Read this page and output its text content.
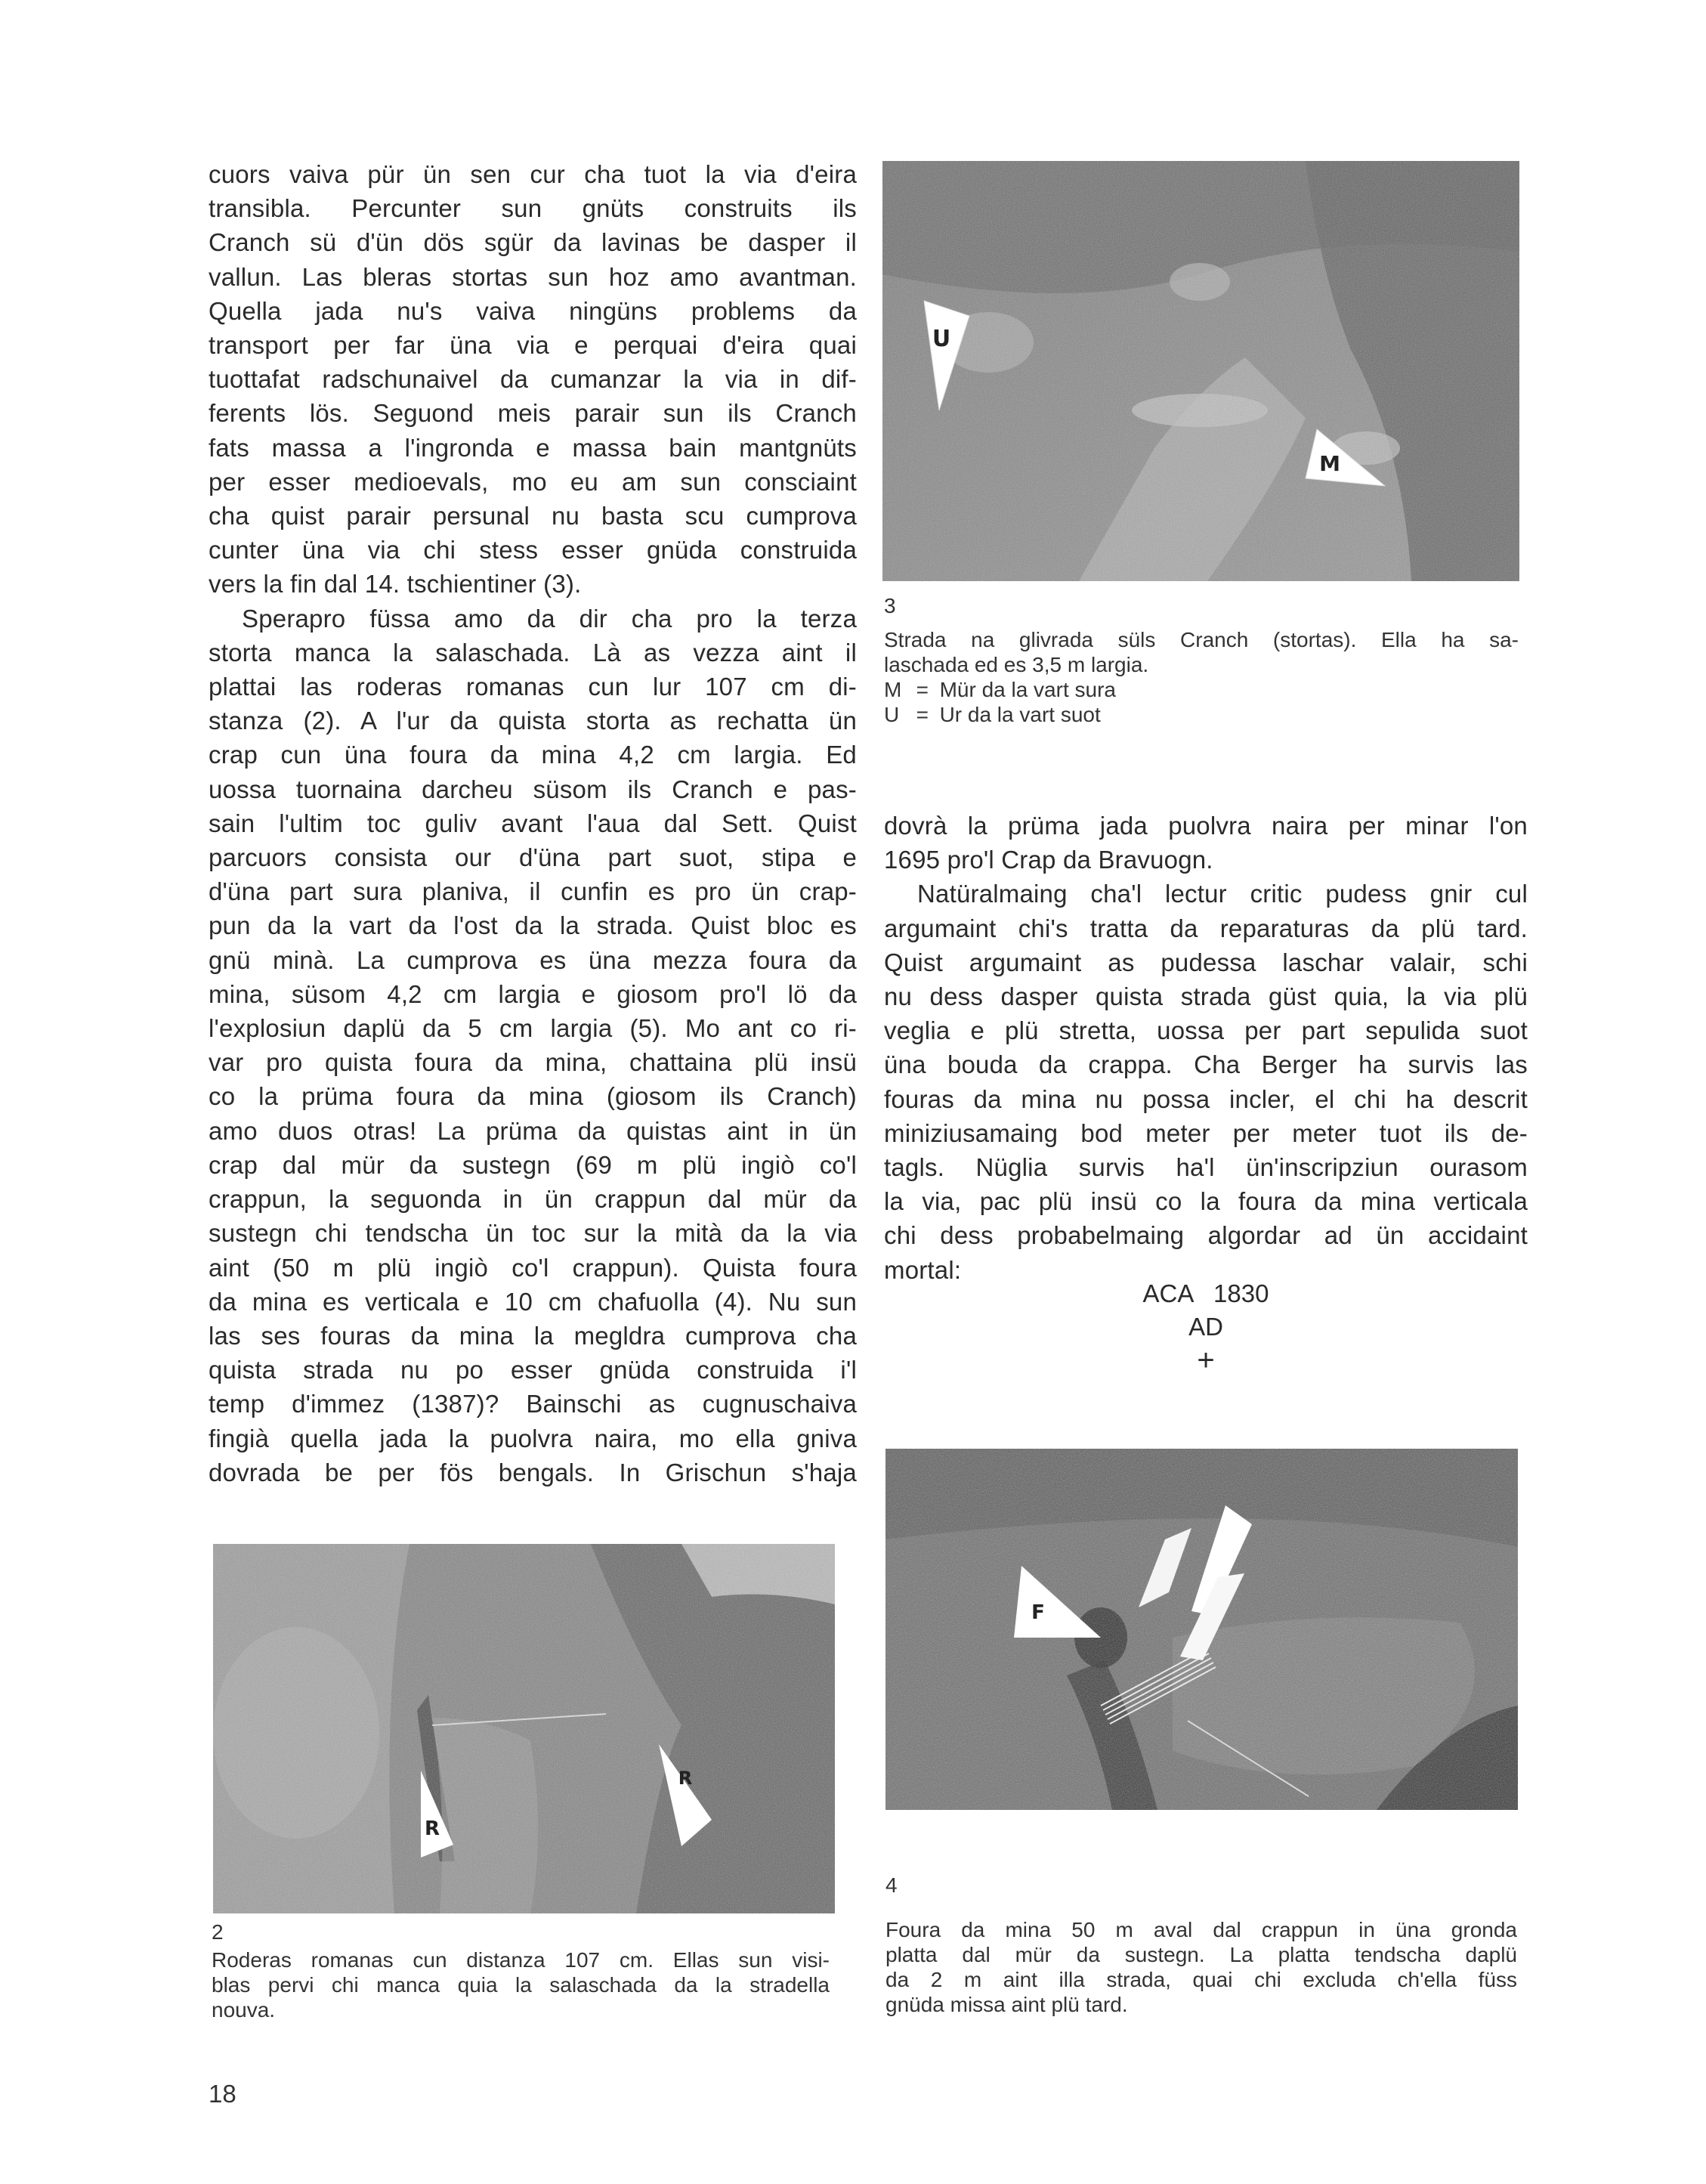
cuors vaiva pür ün sen cur cha tuot la via d'eira
transibla. Percunter sun gnüts construits ils
Cranch sü d'ün dös sgür da lavinas be dasper il
vallun. Las bleras stortas sun hoz amo avantman.
Quella jada nu's vaiva ningüns problems da
transport per far üna via e perquai d'eira quai
tuottafat radschunaivel da cumanzar la via in dif-
ferents lös. Seguond meis parair sun ils Cranch
fats massa a l'ingronda e massa bain mantgnüts
per esser medioevals, mo eu am sun consciaint
cha quist parair persunal nu basta scu cumprova
cunter üna via chi stess esser gnüda construida
vers la fin dal 14. tschientiner (3).

Sperapro füssa amo da dir cha pro la terza
storta manca la salaschada. Là as vezza aint il
plattai las roderas romanas cun lur 107 cm di-
stanza (2). A l'ur da quista storta as rechatta ün
crap cun üna foura da mina 4,2 cm largia. Ed
uossa tuornaina darcheu süsom ils Cranch e pas-
sain l'ultim toc guliv avant l'aua dal Sett. Quist
parcuors consista our d'üna part suot, stipa e
d'üna part sura planiva, il cunfin es pro ün crap-
pun da la vart da l'ost da la strada. Quist bloc es
gnü minà. La cumprova es üna mezza foura da
mina, süsom 4,2 cm largia e giosom pro'l lö da
l'explosiun daplü da 5 cm largia (5). Mo ant co ri-
var pro quista foura da mina, chattaina plü insü
co la prüma foura da mina (giosom ils Cranch)
amo duos otras! La prüma da quistas aint in ün
crap dal mür da sustegn (69 m plü ingiò co'l
crappun, la seguonda in ün crappun dal mür da
sustegn chi tendscha ün toc sur la mità da la via
aint (50 m plü ingiò co'l crappun). Quista foura
da mina es verticala e 10 cm chafuolla (4). Nu sun
las ses fouras da mina la megldra cumprova cha
quista strada nu po esser gnüda construida i'l
temp d'immez (1387)? Bainschi as cugnuschaiva
fingià quella jada la puolvra naira, mo ella gniva
dovrada be per fös bengals. In Grischun s'haja

U
M
3
Strada na glivrada süls Cranch (stortas). Ella ha sa-
laschada ed es 3,5 m largia.
M = Mür da la vart sura
U = Ur da la vart suot

dovrà la prüma jada puolvra naira per minar l'on
1695 pro'l Crap da Bravuogn.

Natüralmaing cha'l lectur critic pudess gnir cul
argumaint chi's tratta da reparaturas da plü tard.
Quist argumaint as pudessa laschar valair, schi
nu dess dasper quista strada güst quia, la via plü
veglia e plü stretta, uossa per part sepulida suot
üna bouda da crappa. Cha Berger ha survis las
fouras da mina nu possa incler, el chi ha descrit
miniziusamaing bod meter per meter tuot ils de-
tagls. Nüglia survis ha'l ün'inscripziun ourasom
la via, pac plü insü co la foura da mina verticala
chi dess probabelmaing algordar ad ün accidaint
mortal:

ACA   1830
AD
+
R
R
2
Roderas romanas cun distanza 107 cm. Ellas sun visi-
blas pervi chi manca quia la salaschada da la stradella
nouva.
F
4
Foura da mina 50 m aval dal crappun in üna gronda
platta dal mür da sustegn. La platta tendscha daplü
da 2 m aint illa strada, quai chi excluda ch'ella füss
gnüda missa aint plü tard.
18
